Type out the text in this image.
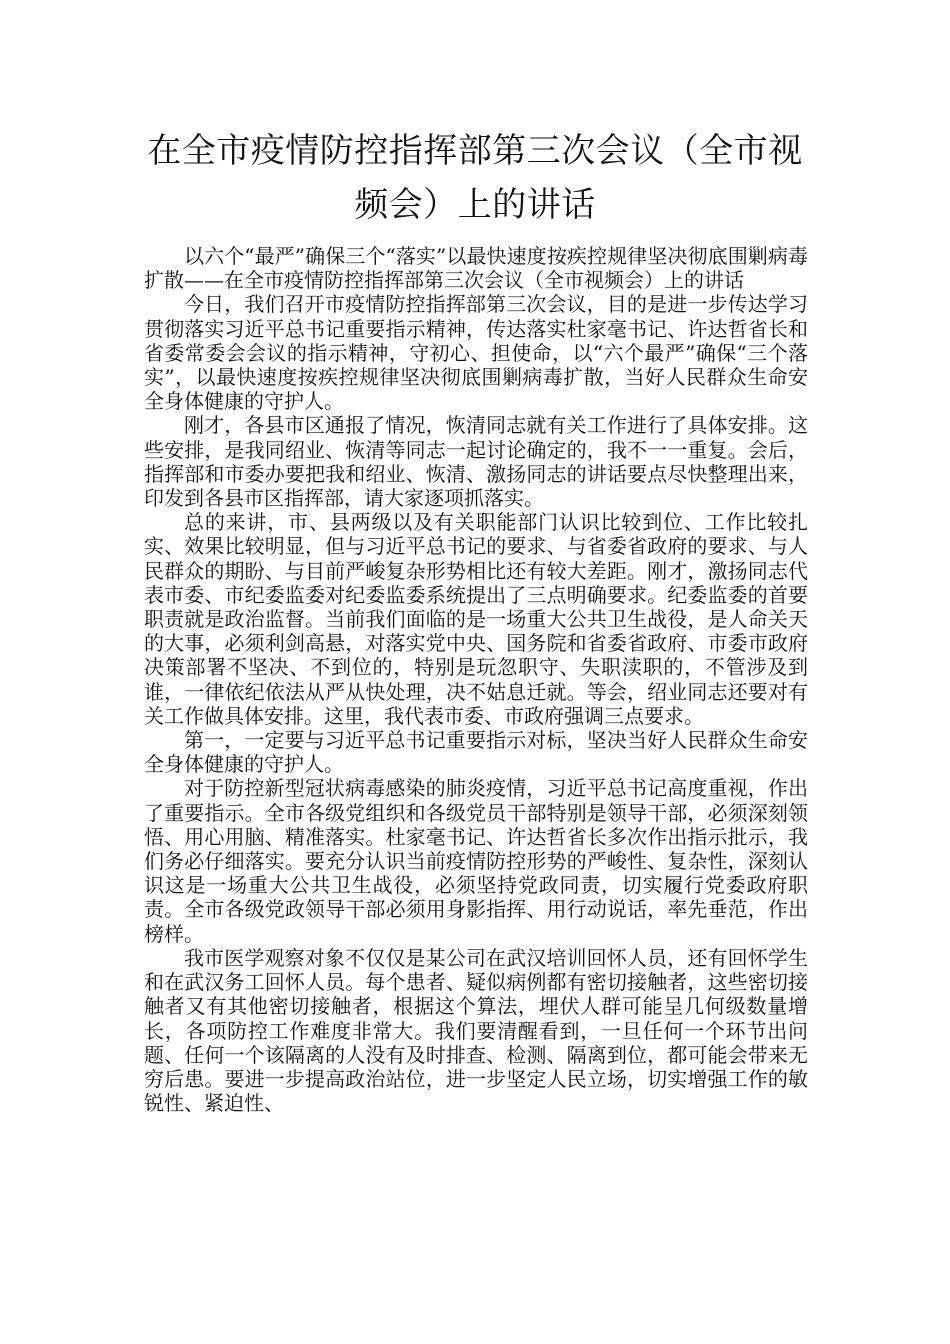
在全市疫情防控指挥部第三次会议（全市视频会）上的讲话

以六个“最严”确保三个“落实”以最快速度按疾控规律坚决彻底围剿病毒扩散——在全市疫情防控指挥部第三次会议（全市视频会）上的讲话

今日，我们召开市疫情防控指挥部第三次会议，目的是进一步传达学习贯彻落实习近平总书记重要指示精神，传达落实杜家毫书记、许达哲省长和省委常委会会议的指示精神，守初心、担使命，以“六个最严”确保“三个落实”，以最快速度按疾控规律坚决彻底围剿病毒扩散，当好人民群众生命安全身体健康的守护人。

刚才，各县市区通报了情况，恢清同志就有关工作进行了具体安排。这些安排，是我同绍业、恢清等同志一起讨论确定的，我不一一重复。会后，指挥部和市委办要把我和绍业、恢清、激扬同志的讲话要点尽快整理出来，印发到各县市区指挥部，请大家逐项抓落实。

总的来讲，市、县两级以及有关职能部门认识比较到位、工作比较扎实、效果比较明显，但与习近平总书记的要求、与省委省政府的要求、与人民群众的期盼、与目前严峻复杂形势相比还有较大差距。刚才，激扬同志代表市委、市纪委监委对纪委监委系统提出了三点明确要求。纪委监委的首要职责就是政治监督。当前我们面临的是一场重大公共卫生战役，是人命关天的大事，必须利剑高悬，对落实党中央、国务院和省委省政府、市委市政府决策部署不坚决、不到位的，特别是玩忽职守、失职渎职的，不管涉及到谁，一律依纪依法从严从快处理，决不姑息迁就。等会，绍业同志还要对有关工作做具体安排。这里，我代表市委、市政府强调三点要求。

第一，一定要与习近平总书记重要指示对标，坚决当好人民群众生命安全身体健康的守护人。

对于防控新型冠状病毒感染的肺炎疫情，习近平总书记高度重视，作出了重要指示。全市各级党组织和各级党员干部特别是领导干部，必须深刻领悟、用心用脑、精准落实。杜家毫书记、许达哲省长多次作出指示批示，我们务必仔细落实。要充分认识当前疫情防控形势的严峻性、复杂性，深刻认识这是一场重大公共卫生战役，必须坚持党政同责，切实履行党委政府职责。全市各级党政领导干部必须用身影指挥、用行动说话，率先垂范，作出榜样。

我市医学观察对象不仅仅是某公司在武汉培训回怀人员，还有回怀学生和在武汉务工回怀人员。每个患者、疑似病例都有密切接触者，这些密切接触者又有其他密切接触者，根据这个算法，埋伏人群可能呈几何级数量增长，各项防控工作难度非常大。我们要清醒看到，一旦任何一个环节出问题、任何一个该隔离的人没有及时排查、检测、隔离到位，都可能会带来无穷后患。要进一步提高政治站位，进一步坚定人民立场，切实增强工作的敏锐性、紧迫性、
